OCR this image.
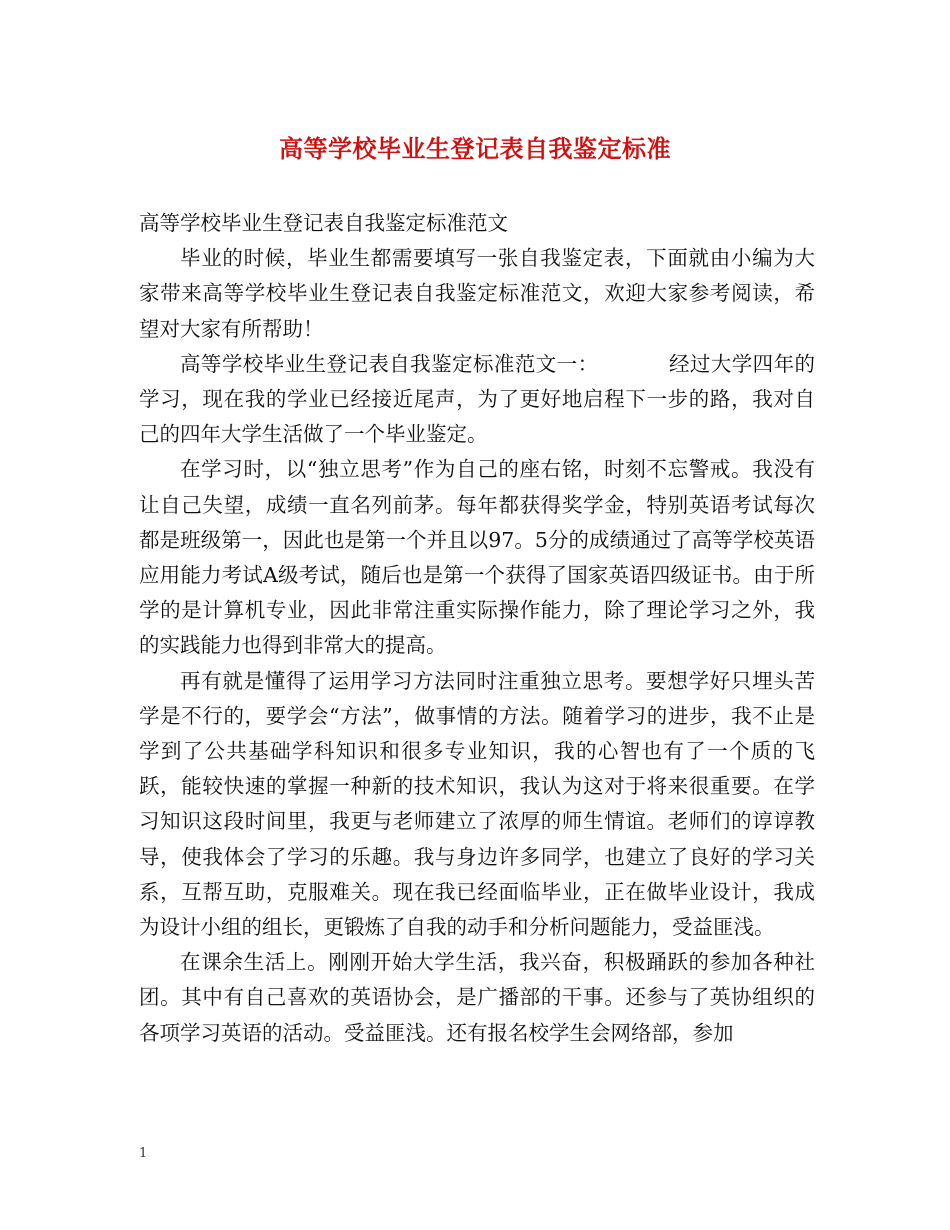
高等学校毕业生登记表自我鉴定标准

高等学校毕业生登记表自我鉴定标准范文

毕业的时候，毕业生都需要填写一张自我鉴定表，下面就由小编为大家带来高等学校毕业生登记表自我鉴定标准范文，欢迎大家参考阅读，希望对大家有所帮助！

高等学校毕业生登记表自我鉴定标准范文一：	经过大学四年的学习，现在我的学业已经接近尾声，为了更好地启程下一步的路，我对自己的四年大学生活做了一个毕业鉴定。

在学习时，以“独立思考”作为自己的座右铭，时刻不忘警戒。我没有让自己失望，成绩一直名列前茅。每年都获得奖学金，特别英语考试每次都是班级第一，因此也是第一个并且以97。5分的成绩通过了高等学校英语应用能力考试A级考试，随后也是第一个获得了国家英语四级证书。由于所学的是计算机专业，因此非常注重实际操作能力，除了理论学习之外，我的实践能力也得到非常大的提高。

再有就是懂得了运用学习方法同时注重独立思考。要想学好只埋头苦学是不行的，要学会“方法”，做事情的方法。随着学习的进步，我不止是学到了公共基础学科知识和很多专业知识，我的心智也有了一个质的飞跃，能较快速的掌握一种新的技术知识，我认为这对于将来很重要。在学习知识这段时间里，我更与老师建立了浓厚的师生情谊。老师们的谆谆教导，使我体会了学习的乐趣。我与身边许多同学，也建立了良好的学习关系，互帮互助，克服难关。现在我已经面临毕业，正在做毕业设计，我成为设计小组的组长，更锻炼了自我的动手和分析问题能力，受益匪浅。

在课余生活上。刚刚开始大学生活，我兴奋，积极踊跃的参加各种社团。其中有自己喜欢的英语协会，是广播部的干事。还参与了英协组织的各项学习英语的活动。受益匪浅。还有报名校学生会网络部，参加

1
